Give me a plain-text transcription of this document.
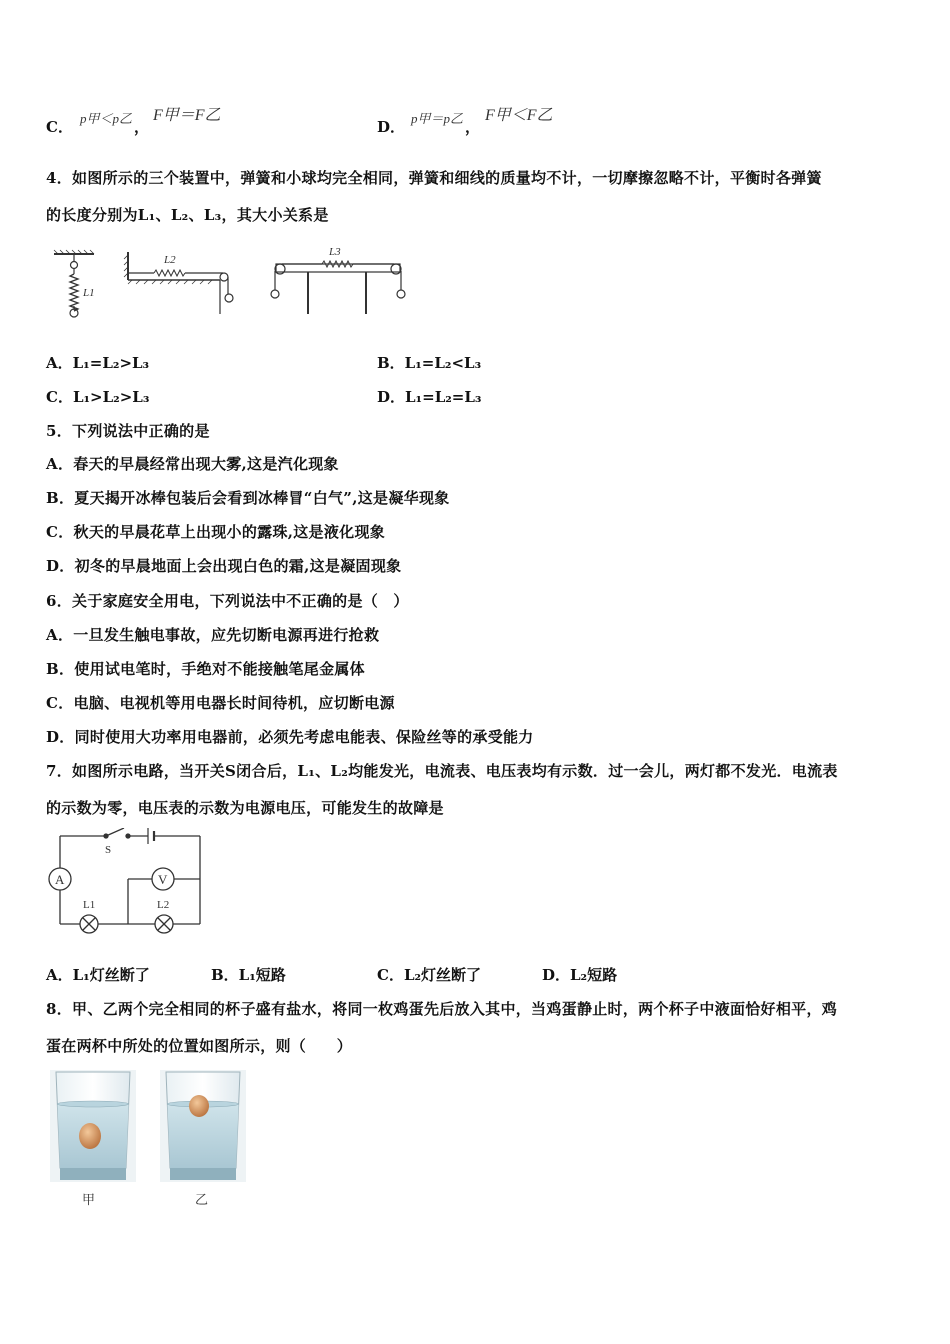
C． p甲＜p乙 ，
F甲＝F乙
D． p甲＝p乙 ，
F甲＜F乙
4．如图所示的三个装置中，弹簧和小球均完全相同，弹簧和细线的质量均不计，一切摩擦忽略不计，平衡时各弹簧
的长度分别为L₁、L₂、L₃，其大小关系是
L1
L2
L3
A．L₁=L₂>L₃	B．L₁=L₂<L₃
C．L₁>L₂>L₃	D．L₁=L₂=L₃
5．下列说法中正确的是
A．春天的早晨经常出现大雾,这是汽化现象
B．夏天揭开冰棒包装后会看到冰棒冒“白气”,这是凝华现象
C．秋天的早晨花草上出现小的露珠,这是液化现象
D．初冬的早晨地面上会出现白色的霜,这是凝固现象
6．关于家庭安全用电，下列说法中不正确的是（　）
A．一旦发生触电事故，应先切断电源再进行抢救
B．使用试电笔时，手绝对不能接触笔尾金属体
C．电脑、电视机等用电器长时间待机，应切断电源
D．同时使用大功率用电器前，必须先考虑电能表、保险丝等的承受能力
7．如图所示电路，当开关S闭合后，L₁、L₂均能发光，电流表、电压表均有示数．过一会儿，两灯都不发光．电流表
的示数为零，电压表的示数为电源电压，可能发生的故障是
S
A	V
L1	L2
A．L₁灯丝断了	B．L₁短路	C．L₂灯丝断了	D．L₂短路
8．甲、乙两个完全相同的杯子盛有盐水，将同一枚鸡蛋先后放入其中，当鸡蛋静止时，两个杯子中液面恰好相平，鸡
蛋在两杯中所处的位置如图所示，则（　　）
甲	乙
